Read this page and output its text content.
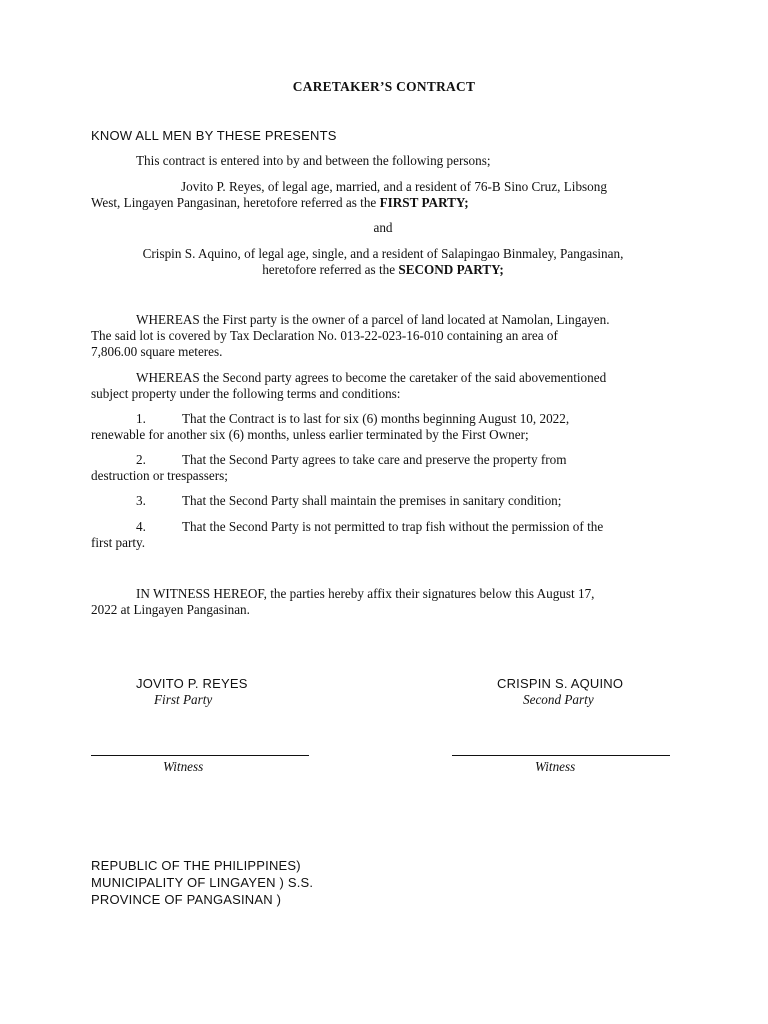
CARETAKER’S CONTRACT
KNOW ALL MEN BY THESE PRESENTS
This contract is entered into by and between the following persons;
Jovito P. Reyes, of legal age, married, and a resident of 76-B Sino Cruz, Libsong
West, Lingayen Pangasinan, heretofore referred as the FIRST PARTY;
and
Crispin S. Aquino, of legal age, single, and a resident of Salapingao Binmaley, Pangasinan,
heretofore referred as the SECOND PARTY;
WHEREAS the First party is the owner of a parcel of land located at Namolan, Lingayen.
The said lot is covered by Tax Declaration No. 013-22-023-16-010 containing an area of
7,806.00 square meteres.
WHEREAS the Second party agrees to become the caretaker of the said abovementioned
subject property under the following terms and conditions:
1.	That the Contract is to last for six (6) months beginning August 10, 2022,
renewable for another six (6) months, unless earlier terminated by the First Owner;
2.	That the Second Party agrees to take care and preserve the property from
destruction or trespassers;
3.	That the Second Party shall maintain the premises in sanitary condition;
4.	That the Second Party is not permitted to trap fish without the permission of the
first party.
IN WITNESS HEREOF, the parties hereby affix their signatures below this August 17,
2022 at Lingayen Pangasinan.
JOVITO P. REYES
First Party
CRISPIN S. AQUINO
Second Party
Witness	Witness
REPUBLIC OF THE PHILIPPINES)
MUNICIPALITY OF LINGAYEN ) S.S.
PROVINCE OF PANGASINAN )
